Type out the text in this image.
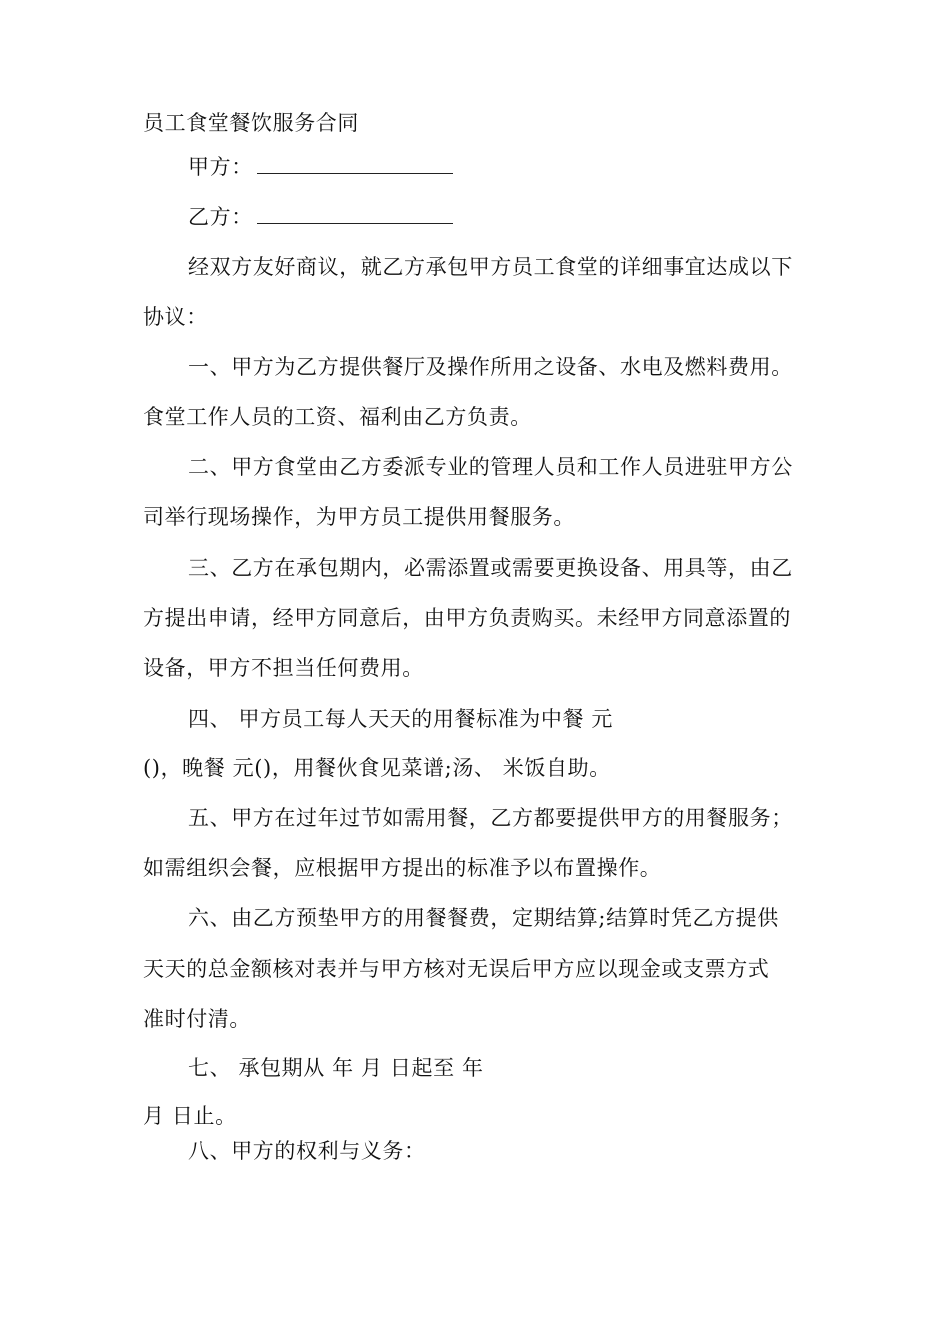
员工食堂餐饮服务合同
甲方：
乙方：
经双方友好商议，就乙方承包甲方员工食堂的详细事宜达成以下
协议：
一、甲方为乙方提供餐厅及操作所用之设备、水电及燃料费用。
食堂工作人员的工资、福利由乙方负责。
二、甲方食堂由乙方委派专业的管理人员和工作人员进驻甲方公
司举行现场操作，为甲方员工提供用餐服务。
三、乙方在承包期内，必需添置或需要更换设备、用具等，由乙
方提出申请，经甲方同意后，由甲方负责购买。未经甲方同意添置的
设备，甲方不担当任何费用。
四、 甲方员工每人天天的用餐标准为中餐 元
()，晚餐 元()，用餐伙食见菜谱;汤、 米饭自助。
五、甲方在过年过节如需用餐，乙方都要提供甲方的用餐服务；
如需组织会餐，应根据甲方提出的标准予以布置操作。
六、由乙方预垫甲方的用餐餐费，定期结算;结算时凭乙方提供
天天的总金额核对表并与甲方核对无误后甲方应以现金或支票方式
准时付清。
七、 承包期从 年 月 日起至 年
月 日止。
八、甲方的权利与义务：
